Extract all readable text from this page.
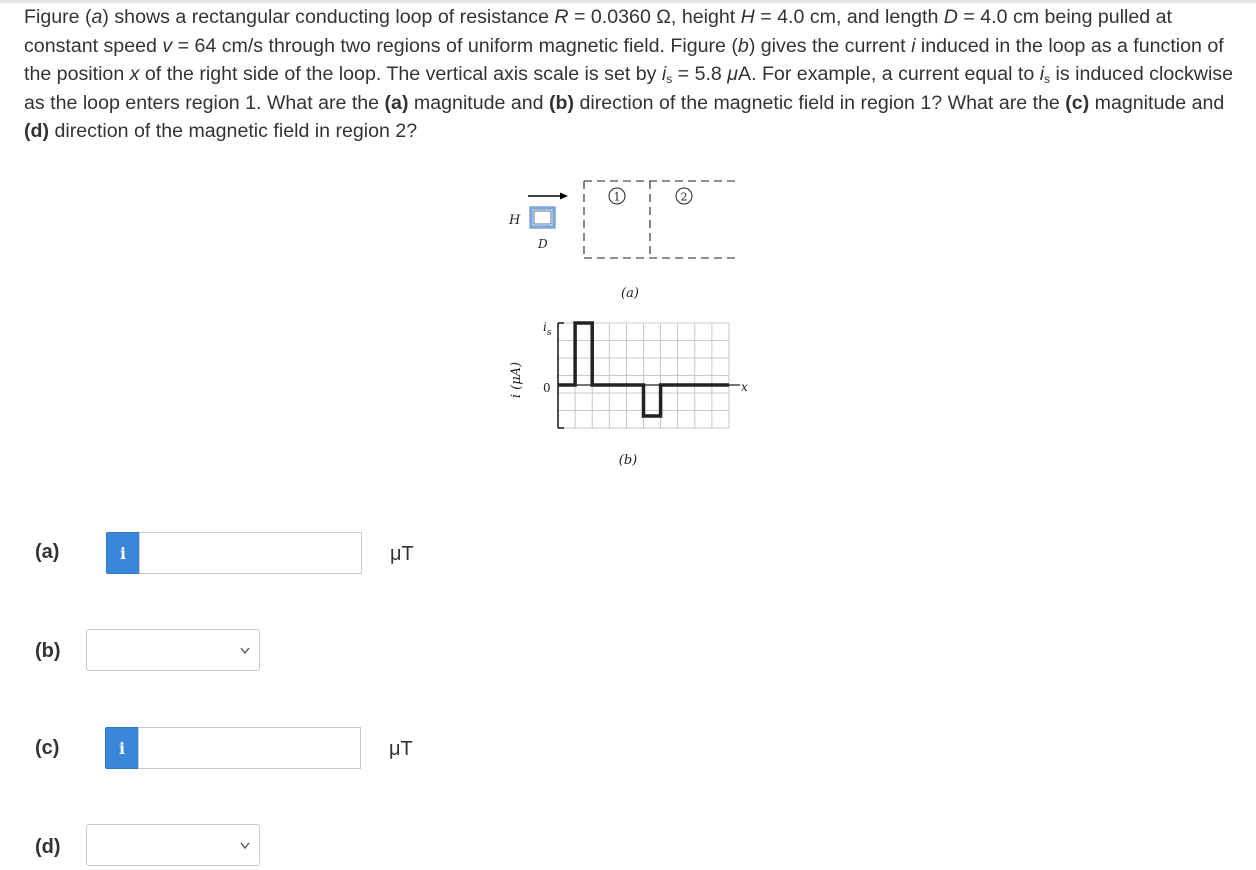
Figure (a) shows a rectangular conducting loop of resistance R = 0.0360 Ω, height H = 4.0 cm, and length D = 4.0 cm being pulled at constant speed v = 64 cm/s through two regions of uniform magnetic field. Figure (b) gives the current i induced in the loop as a function of the position x of the right side of the loop. The vertical axis scale is set by $i_s = 5.8$ μA. For example, a current equal to $i_s$ is induced clockwise as the loop enters region 1. What are the (a) magnitude and (b) direction of the magnetic field in region 1? What are the (c) magnitude and (d) direction of the magnetic field in region 2?
H
D
1	2
(a)
i (μA)
$i_s$
0	x
(b)
(a)	i	μT
(b)
(c)	i	μT
(d)
